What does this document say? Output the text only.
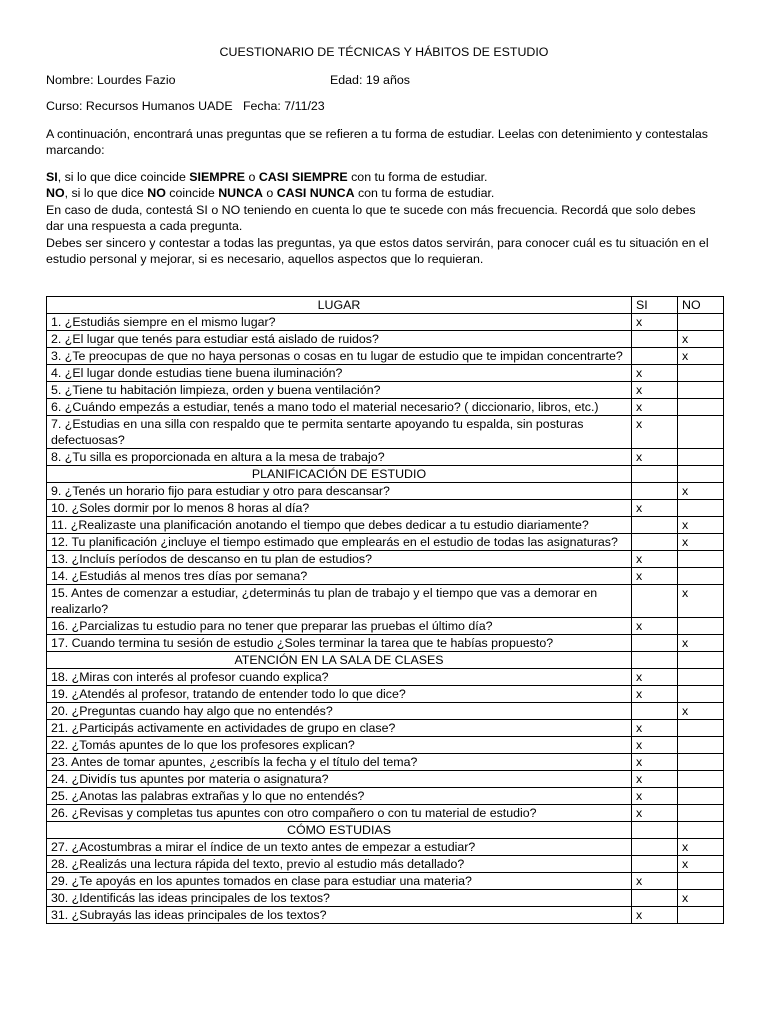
CUESTIONARIO DE TÉCNICAS Y HÁBITOS DE ESTUDIO
Nombre: Lourdes Fazio	Edad: 19 años
Curso: Recursos Humanos UADE Fecha: 7/11/23

A continuación, encontrará unas preguntas que se refieren a tu forma de estudiar. Leelas con detenimiento y contestalas marcando:

SI, si lo que dice coincide SIEMPRE o CASI SIEMPRE con tu forma de estudiar.

NO, si lo que dice NO coincide NUNCA o CASI NUNCA con tu forma de estudiar.

En caso de duda, contestá SI o NO teniendo en cuenta lo que te sucede con más frecuencia. Recordá que solo debes dar una respuesta a cada pregunta.

Debes ser sincero y contestar a todas las preguntas, ya que estos datos servirán, para conocer cuál es tu situación en el estudio personal y mejorar, si es necesario, aquellos aspectos que lo requieran.

LUGAR	SI	NO
1. ¿Estudiás siempre en el mismo lugar?	x	
2. ¿El lugar que tenés para estudiar está aislado de ruidos?		x
3. ¿Te preocupas de que no haya personas o cosas en tu lugar de estudio que te impidan concentrarte?		x
4. ¿El lugar donde estudias tiene buena iluminación?	x	
5. ¿Tiene tu habitación limpieza, orden y buena ventilación?	x	
6. ¿Cuándo empezás a estudiar, tenés a mano todo el material necesario? ( diccionario, libros, etc.)	x	
7. ¿Estudias en una silla con respaldo que te permita sentarte apoyando tu espalda, sin posturas defectuosas?	x	
8. ¿Tu silla es proporcionada en altura a la mesa de trabajo?	x	
PLANIFICACIÓN DE ESTUDIO		
9. ¿Tenés un horario fijo para estudiar y otro para descansar?		x
10. ¿Soles dormir por lo menos 8 horas al día?	x	
11. ¿Realizaste una planificación anotando el tiempo que debes dedicar a tu estudio diariamente?		x
12. Tu planificación ¿incluye el tiempo estimado que emplearás en el estudio de todas las asignaturas?		x
13. ¿Incluís períodos de descanso en tu plan de estudios?	x	
14. ¿Estudiás al menos tres días por semana?	x	
15. Antes de comenzar a estudiar, ¿determinás tu plan de trabajo y el tiempo que vas a demorar en realizarlo?		x
16. ¿Parcializas tu estudio para no tener que preparar las pruebas el último día?	x	
17. Cuando termina tu sesión de estudio ¿Soles terminar la tarea que te habías propuesto?		x
ATENCIÓN EN LA SALA DE CLASES		
18. ¿Miras con interés al profesor cuando explica?	x	
19. ¿Atendés al profesor, tratando de entender todo lo que dice?	x	
20. ¿Preguntas cuando hay algo que no entendés?		x
21. ¿Participás activamente en actividades de grupo en clase?	x	
22. ¿Tomás apuntes de lo que los profesores explican?	x	
23. Antes de tomar apuntes, ¿escribís la fecha y el título del tema?	x	
24. ¿Dividís tus apuntes por materia o asignatura?	x	
25. ¿Anotas las palabras extrañas y lo que no entendés?	x	
26. ¿Revisas y completas tus apuntes con otro compañero o con tu material de estudio?	x	
CÓMO ESTUDIAS		
27. ¿Acostumbras a mirar el índice de un texto antes de empezar a estudiar?		x
28. ¿Realizás una lectura rápida del texto, previo al estudio más detallado?		x
29. ¿Te apoyás en los apuntes tomados en clase para estudiar una materia?	x	
30. ¿Identificás las ideas principales de los textos?		x
31. ¿Subrayás las ideas principales de los textos?	x	
